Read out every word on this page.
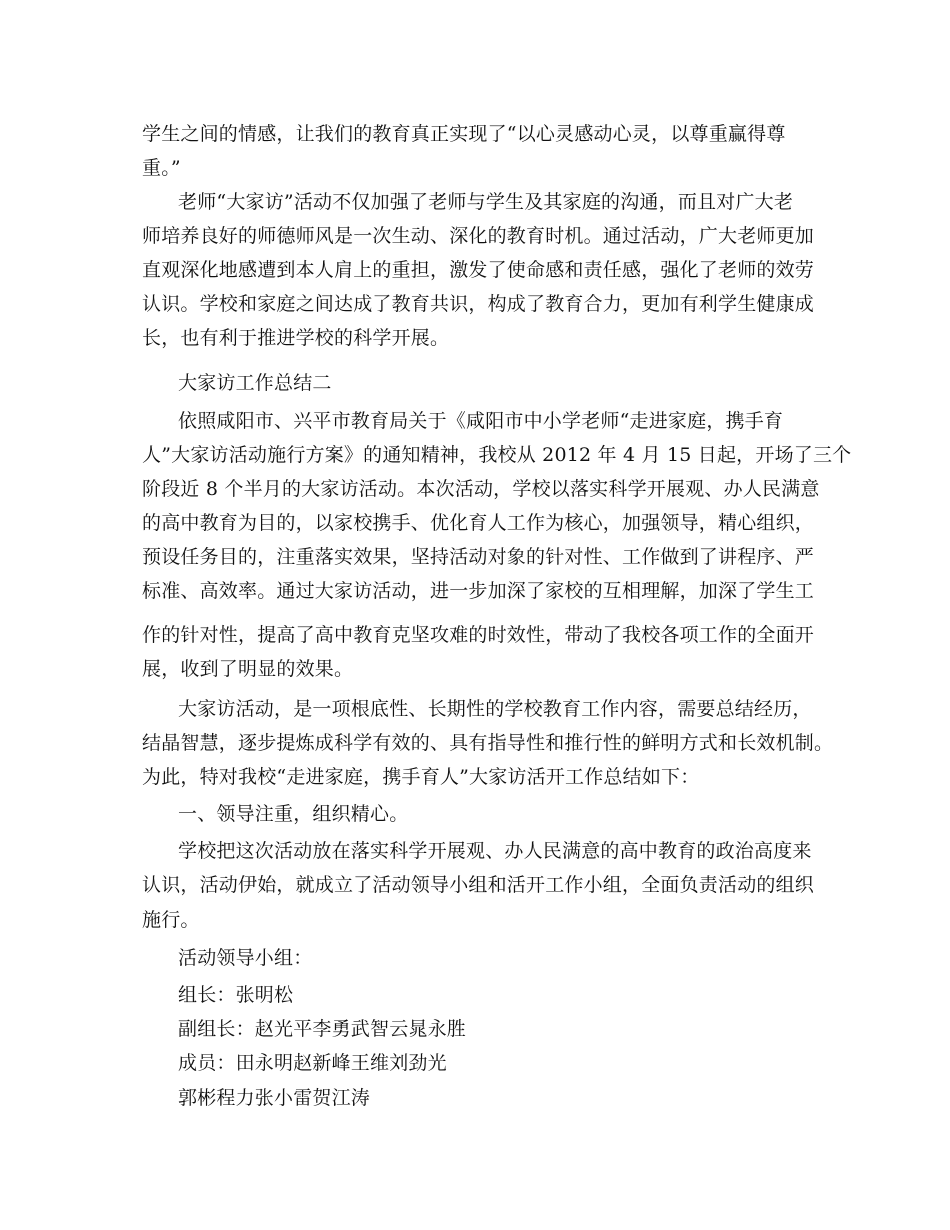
学生之间的情感，让我们的教育真正实现了“以心灵感动心灵，以尊重赢得尊
重。”
老师“大家访”活动不仅加强了老师与学生及其家庭的沟通，而且对广大老
师培养良好的师德师风是一次生动、深化的教育时机。通过活动，广大老师更加
直观深化地感遭到本人肩上的重担，激发了使命感和责任感，强化了老师的效劳
认识。学校和家庭之间达成了教育共识，构成了教育合力，更加有利学生健康成
长，也有利于推进学校的科学开展。
大家访工作总结二
依照咸阳市、兴平市教育局关于《咸阳市中小学老师“走进家庭，携手育
人”大家访活动施行方案》的通知精神，我校从 2012 年 4 月 15 日起，开场了三个
阶段近 8 个半月的大家访活动。本次活动，学校以落实科学开展观、办人民满意
的高中教育为目的，以家校携手、优化育人工作为核心，加强领导，精心组织，
预设任务目的，注重落实效果，坚持活动对象的针对性、工作做到了讲程序、严
标准、高效率。通过大家访活动，进一步加深了家校的互相理解，加深了学生工
作的针对性，提高了高中教育克坚攻难的时效性，带动了我校各项工作的全面开
展，收到了明显的效果。
大家访活动，是一项根底性、长期性的学校教育工作内容，需要总结经历，
结晶智慧，逐步提炼成科学有效的、具有指导性和推行性的鲜明方式和长效机制。
为此，特对我校“走进家庭，携手育人”大家访活开工作总结如下：
一、领导注重，组织精心。
学校把这次活动放在落实科学开展观、办人民满意的高中教育的政治高度来
认识，活动伊始，就成立了活动领导小组和活开工作小组，全面负责活动的组织
施行。
活动领导小组：
组长：张明松
副组长：赵光平李勇武智云晁永胜
成员：田永明赵新峰王维刘劲光
郭彬程力张小雷贺江涛
